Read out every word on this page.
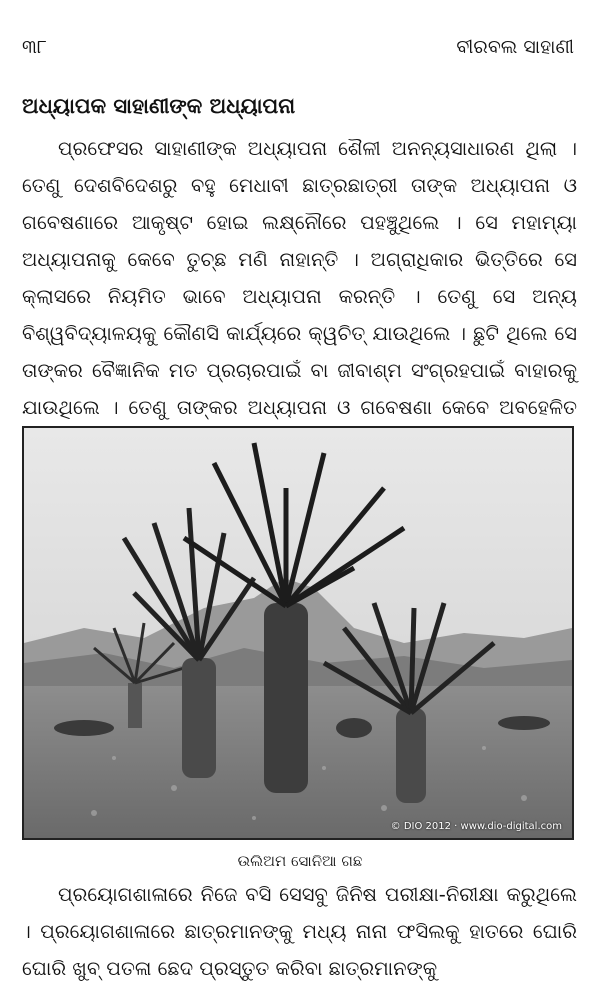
୩୮	ବୀରବଲ ସାହାଣୀ
ଅଧ୍ୟାପକ ସାହାଣୀଙ୍କ ଅଧ୍ୟାପନା

ପ୍ରଫେସର ସାହାଣୀଙ୍କ ଅଧ୍ୟାପନା ଶୈଳୀ ଅନନ୍ୟସାଧାରଣ ଥିଲା । ତେଣୁ ଦେଶବିଦେଶରୁ ବହୁ ମେଧାବୀ ଛାତ୍ରଛାତ୍ରୀ ତାଙ୍କ ଅଧ୍ୟାପନା ଓ ଗବେଷଣାରେ ଆକୃଷ୍ଟ ହୋଇ ଲକ୍ଷ୍ନୌରେ ପହଞ୍ଚୁଥିଲେ । ସେ ମହାମ୍ୟା ଅଧ୍ୟାପନାକୁ କେବେ ତୁଚ୍ଛ ମଣି ନାହାନ୍ତି । ଅଗ୍ରାଧିକାର ଭିତ୍ତିରେ ସେ କ୍ଲାସରେ ନିୟମିତ ଭାବେ ଅଧ୍ୟାପନା କରନ୍ତି । ତେଣୁ ସେ ଅନ୍ୟ ବିଶ୍ୱବିଦ୍ୟାଳୟକୁ କୌଣସି କାର୍ଯ୍ୟରେ କ୍ୱଚିତ୍ ଯାଉଥିଲେ । ଛୁଟି ଥିଲେ ସେ ତାଙ୍କର ବୈଜ୍ଞାନିକ ମତ ପ୍ରଚାରପାଇଁ ବା ଜୀବାଶ୍ମ ସଂଗ୍ରହପାଇଁ ବାହାରକୁ ଯାଉଥିଲେ । ତେଣୁ ତାଙ୍କର ଅଧ୍ୟାପନା ଓ ଗବେଷଣା କେବେ ଅବହେଳିତ

© DIO 2012 · www.dio-digital.com
ଉଲିଅମ ସୋନିଆ ଗଛ

ପ୍ରୟୋଗଶାଳାରେ ନିଜେ ବସି ସେସବୁ ଜିନିଷ ପରୀକ୍ଷା-ନିରୀକ୍ଷା କରୁଥିଲେ । ପ୍ରୟୋଗଶାଳାରେ ଛାତ୍ରମାନଙ୍କୁ ମଧ୍ୟ ନାନା ଫସିଲକୁ ହାତରେ ଘୋରି ଘୋରି ଖୁବ୍ ପତଳା ଛେଦ ପ୍ରସ୍ତୁତ କରିବା ଛାତ୍ରମାନଙ୍କୁ
